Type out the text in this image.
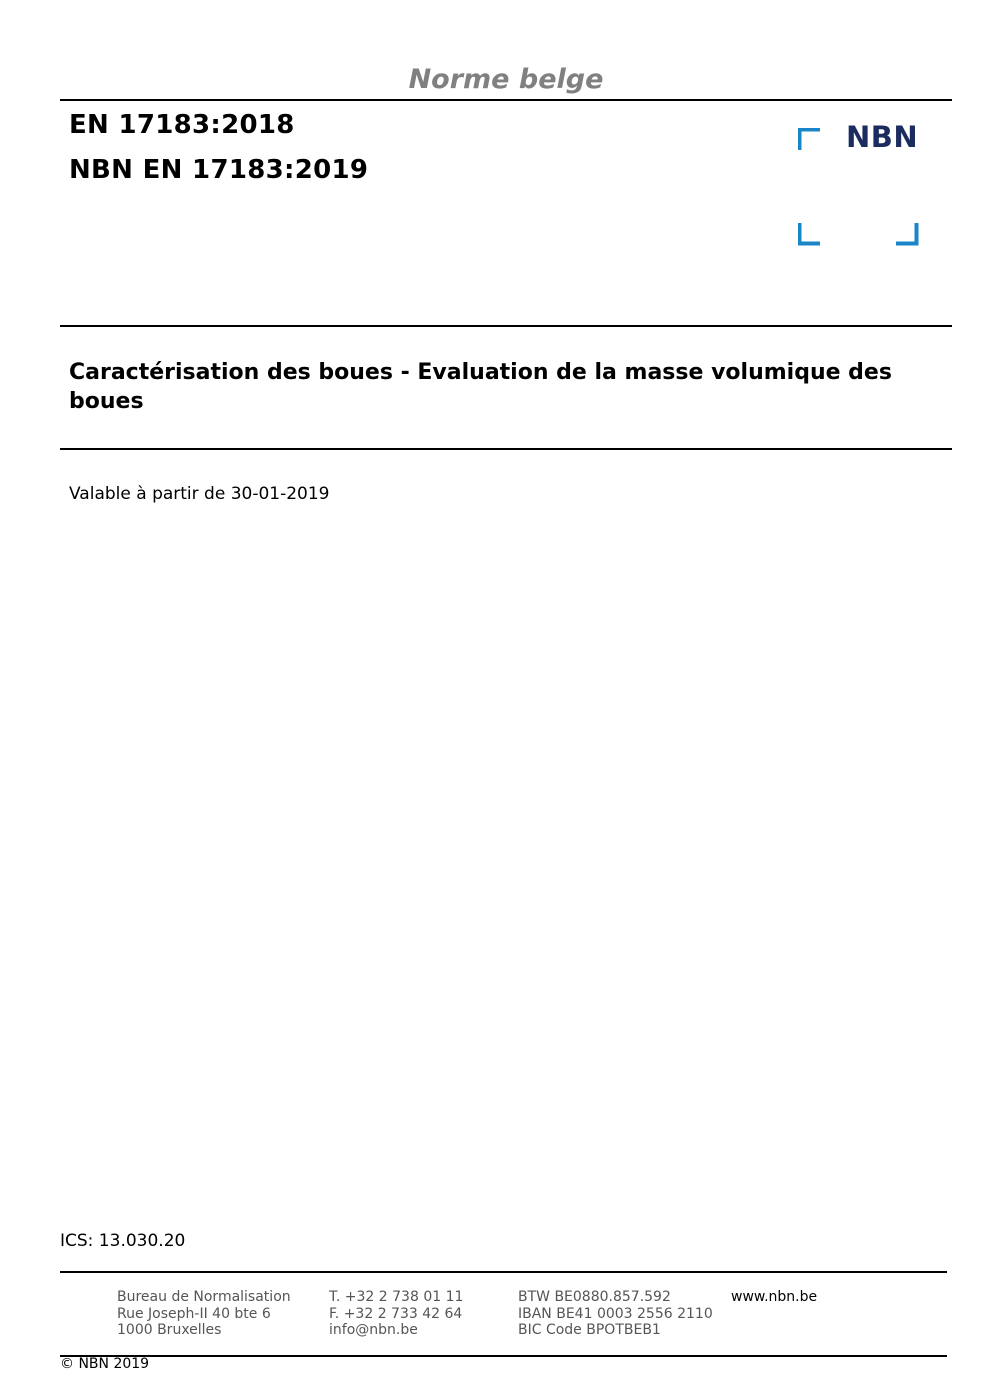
Norme belge
EN 17183:2018
NBN EN 17183:2019
NBN
Caractérisation des boues - Evaluation de la masse volumique des boues
Valable à partir de 30-01-2019
ICS: 13.030.20
Bureau de Normalisation
Rue Joseph-II 40 bte 6
1000 Bruxelles
T. +32 2 738 01 11
F. +32 2 733 42 64
info@nbn.be
BTW BE0880.857.592
IBAN BE41 0003 2556 2110
BIC Code BPOTBEB1
www.nbn.be
© NBN 2019
